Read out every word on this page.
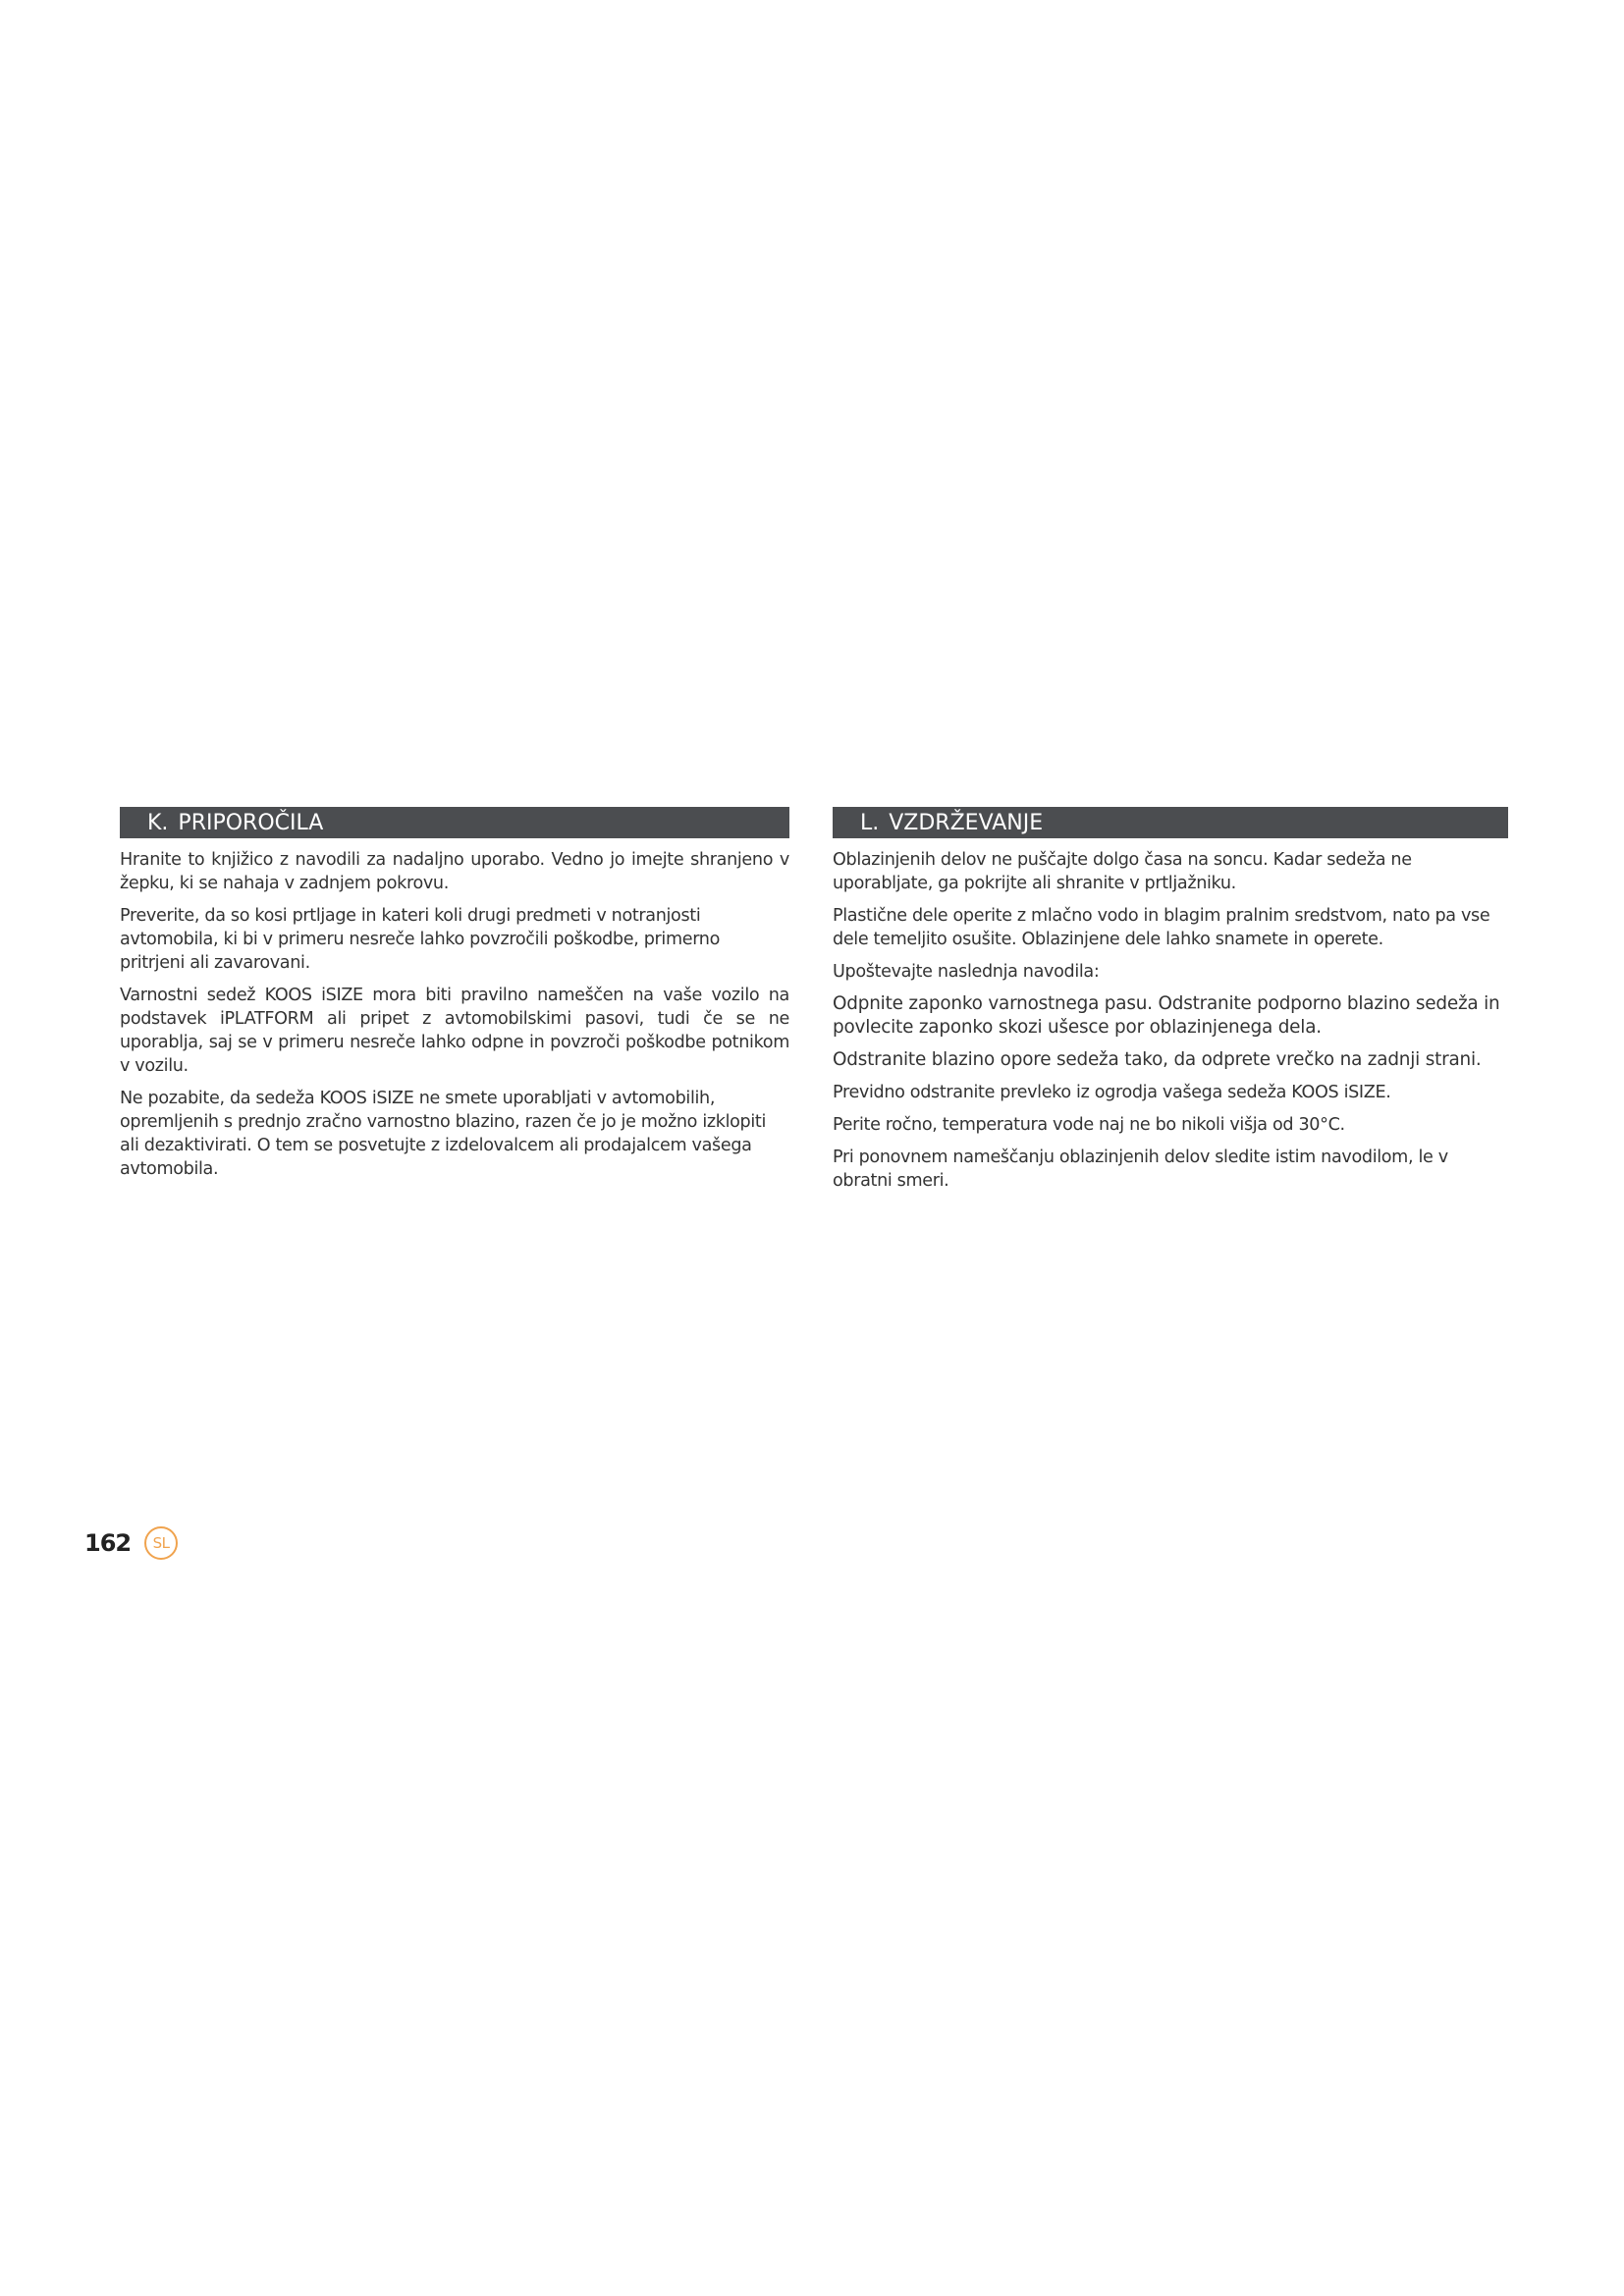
K. PRIPOROČILA

Hranite to knjižico z navodili za nadaljno uporabo. Vedno jo imejte shranjeno v žepku, ki se nahaja v zadnjem pokrovu.

Preverite, da so kosi prtljage in kateri koli drugi predmeti v notranjosti avtomobila, ki bi v primeru nesreče lahko povzročili poškodbe, primerno pritrjeni ali zavarovani.

Varnostni sedež KOOS iSIZE mora biti pravilno nameščen na vaše vozilo na podstavek iPLATFORM ali pripet z avtomobilskimi pasovi, tudi če se ne uporablja, saj se v primeru nesreče lahko odpne in povzroči poškodbe potnikom v vozilu.

Ne pozabite, da sedeža KOOS iSIZE ne smete uporabljati v avtomobilih, opremljenih s prednjo zračno varnostno blazino, razen če jo je možno izklopiti ali dezaktivirati. O tem se posvetujte z izdelovalcem ali prodajalcem vašega avtomobila.

L. VZDRŽEVANJE

Oblazinjenih delov ne puščajte dolgo časa na soncu. Kadar sedeža ne uporabljate, ga pokrijte ali shranite v prtljažniku.

Plastične dele operite z mlačno vodo in blagim pralnim sredstvom, nato pa vse dele temeljito osušite. Oblazinjene dele lahko snamete in operete.

Upoštevajte naslednja navodila:

Odpnite zaponko varnostnega pasu. Odstranite podporno blazino sedeža in povlecite zaponko skozi ušesce por oblazinjenega dela.

Odstranite blazino opore sedeža tako, da odprete vrečko na zadnji strani.

Previdno odstranite prevleko iz ogrodja vašega sedeža KOOS iSIZE.

Perite ročno, temperatura vode naj ne bo nikoli višja od 30°C.

Pri ponovnem nameščanju oblazinjenih delov sledite istim navodilom, le v obratni smeri.

162	SL
